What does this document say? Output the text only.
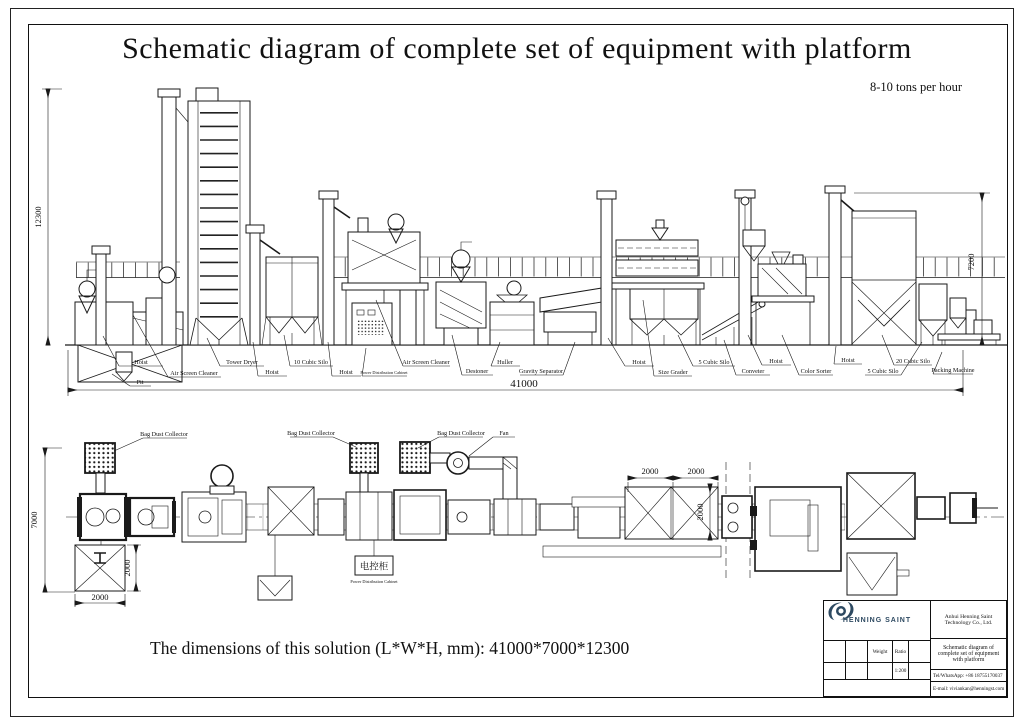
Schematic diagram of complete set of equipment with platform
8-10 tons per hour
The dimensions of this solution (L*W*H, mm): 41000*7000*12300
12300
7200
41000
Hoist
Air Screen Cleaner
Pit
Tower Dryer
Hoist
10 Cubic Silo
Hoist Power Distribution Cabinet
Air Screen Cleaner
Destoner
Huller
Gravity Separator
Hoist
Size Grader
5 Cubic Silo
Conveter
Hoist
Color Sorter
Hoist
5 Cubic Silo
20 Cubic Silo
Packing Machine
电控柜
Power Distribution Cabinet
7000
2000
2000
2000	2000
2000
Bag Dust Collector	Bag Dust Collector	Bag Dust Collector Fan
HENNING SAINT
Weight	Ratio
1:200
Anhui Henning Saint Technology Co., Ltd.
Schematic diagram of complete set of equipment with platform
Tel/WhatsApp: +86 18755170037
E-mail: viviankan@henningst.com
